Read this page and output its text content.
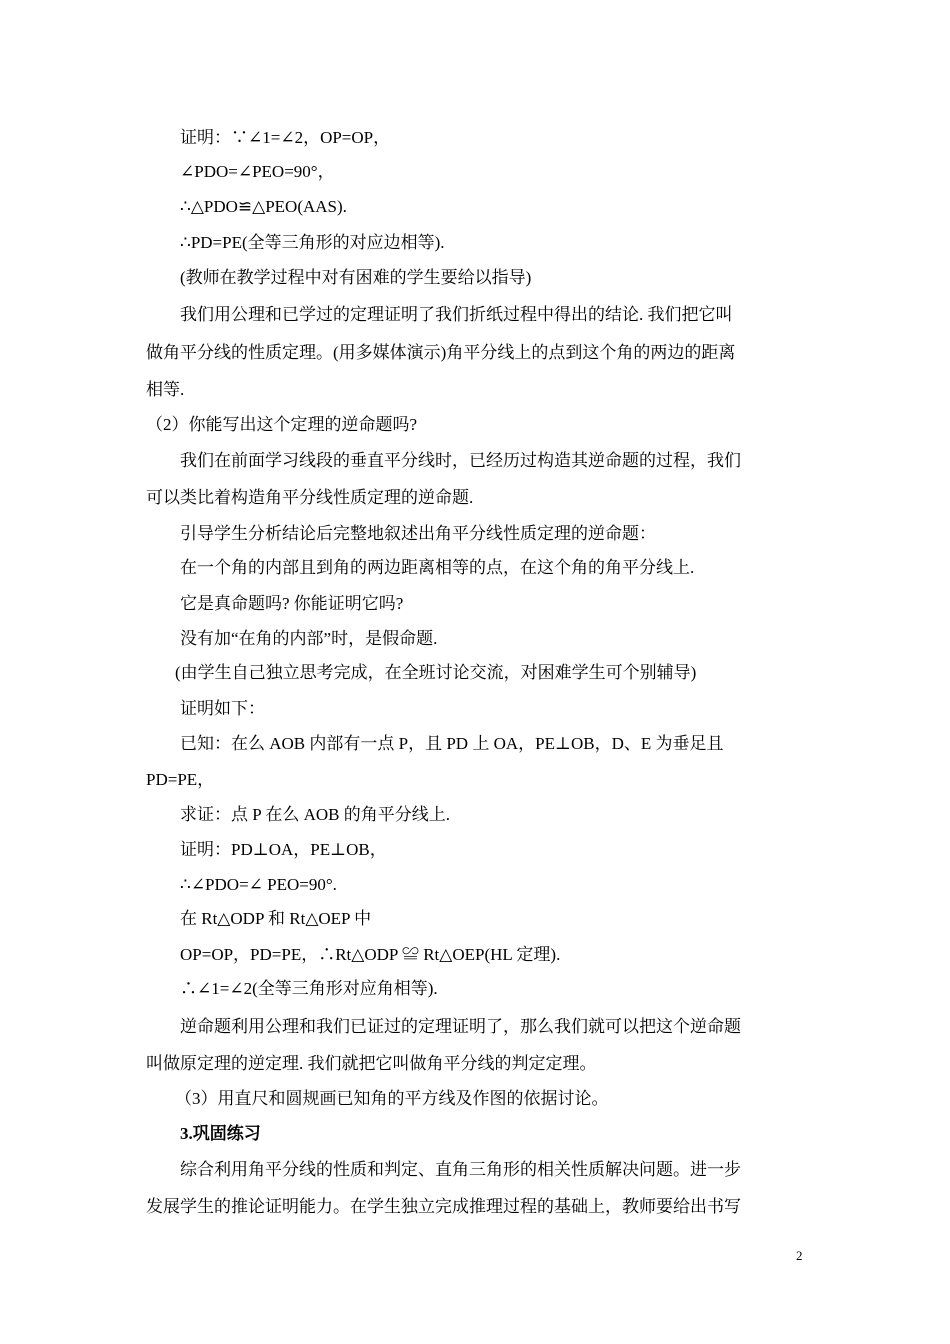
证明：∵∠1=∠2，OP=OP，
∠PDO=∠PEO=90°，
∴△PDO≌△PEO(AAS).
∴PD=PE(全等三角形的对应边相等).
(教师在教学过程中对有困难的学生要给以指导)
我们用公理和已学过的定理证明了我们折纸过程中得出的结论. 我们把它叫
做角平分线的性质定理。(用多媒体演示)角平分线上的点到这个角的两边的距离
相等.
（2）你能写出这个定理的逆命题吗?
我们在前面学习线段的垂直平分线时，已经历过构造其逆命题的过程，我们
可以类比着构造角平分线性质定理的逆命题.
引导学生分析结论后完整地叙述出角平分线性质定理的逆命题：
在一个角的内部且到角的两边距离相等的点，在这个角的角平分线上.
它是真命题吗? 你能证明它吗?
没有加“在角的内部”时，是假命题.
(由学生自己独立思考完成，在全班讨论交流，对困难学生可个别辅导)
证明如下：
已知：在么 AOB 内部有一点 P，且 PD 上 OA，PE⊥OB，D、E 为垂足且
PD=PE，
求证：点 P 在么 AOB 的角平分线上.
证明：PD⊥OA，PE⊥OB，
∴∠PDO=∠ PEO=90°.
在 Rt△ODP 和 Rt△OEP 中
OP=OP，PD=PE，∴Rt△ODP ≌ Rt△OEP(HL 定理).
∴∠1=∠2(全等三角形对应角相等).
逆命题利用公理和我们已证过的定理证明了，那么我们就可以把这个逆命题
叫做原定理的逆定理. 我们就把它叫做角平分线的判定定理。
（3）用直尺和圆规画已知角的平方线及作图的依据讨论。
3.巩固练习
综合利用角平分线的性质和判定、直角三角形的相关性质解决问题。进一步
发展学生的推论证明能力。在学生独立完成推理过程的基础上，教师要给出书写
2
